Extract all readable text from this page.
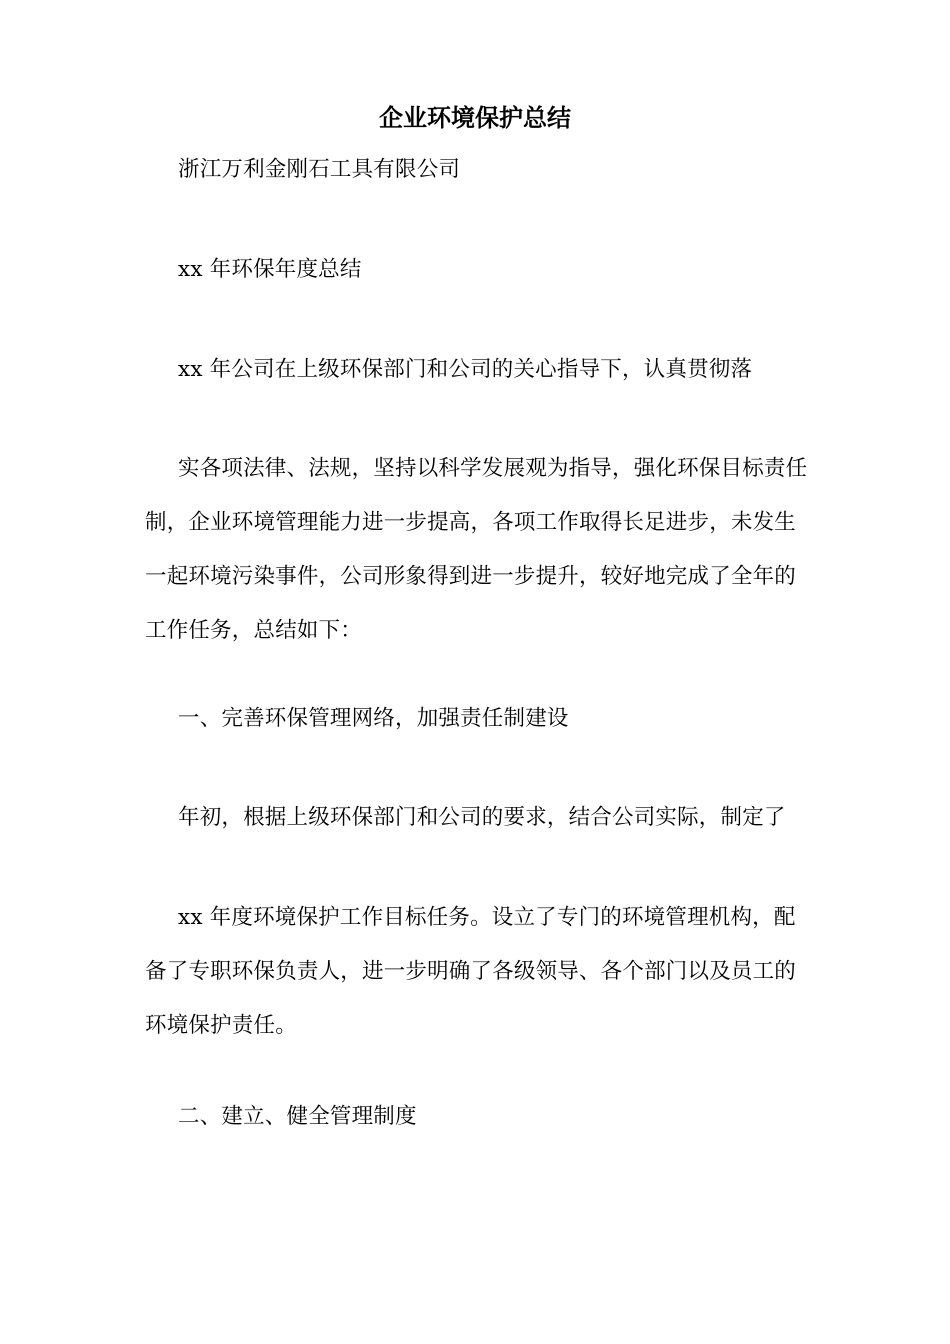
企业环境保护总结

浙江万利金刚石工具有限公司

xx 年环保年度总结

xx 年公司在上级环保部门和公司的关心指导下，认真贯彻落

实各项法律、法规，坚持以科学发展观为指导，强化环保目标责任制，企业环境管理能力进一步提高，各项工作取得长足进步，未发生一起环境污染事件，公司形象得到进一步提升，较好地完成了全年的工作任务，总结如下：

一、完善环保管理网络，加强责任制建设

年初，根据上级环保部门和公司的要求，结合公司实际，制定了

xx 年度环境保护工作目标任务。设立了专门的环境管理机构，配备了专职环保负责人，进一步明确了各级领导、各个部门以及员工的环境保护责任。

二、建立、健全管理制度
